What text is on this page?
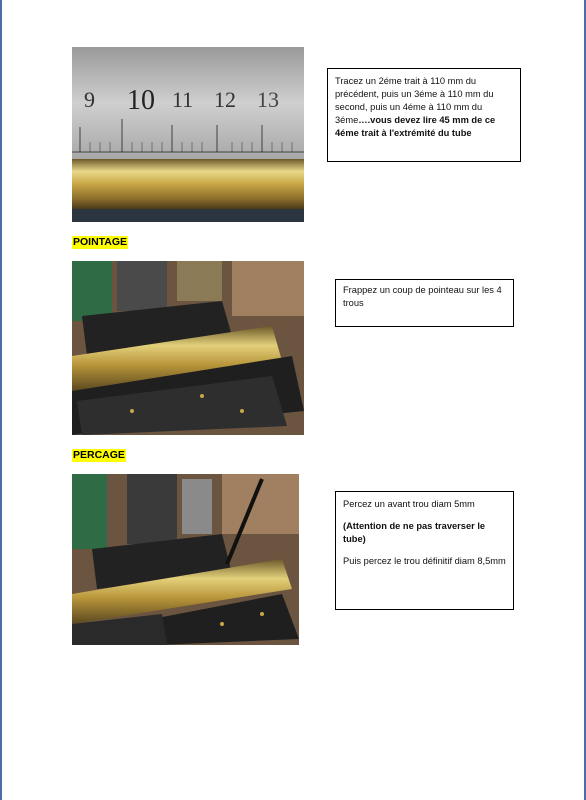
9 10 11 12 13

Tracez un 2éme trait à 110 mm du précédent, puis un 3éme à 110 mm du second, puis un 4éme à 110 mm du 3éme….vous devez lire 45 mm de ce 4éme trait à l'extrémité du tube

POINTAGE

Frappez un coup de pointeau sur les 4 trous

PERCAGE

Percez un avant trou diam 5mm

(Attention de ne pas traverser le tube)

Puis percez le trou définitif diam 8,5mm
